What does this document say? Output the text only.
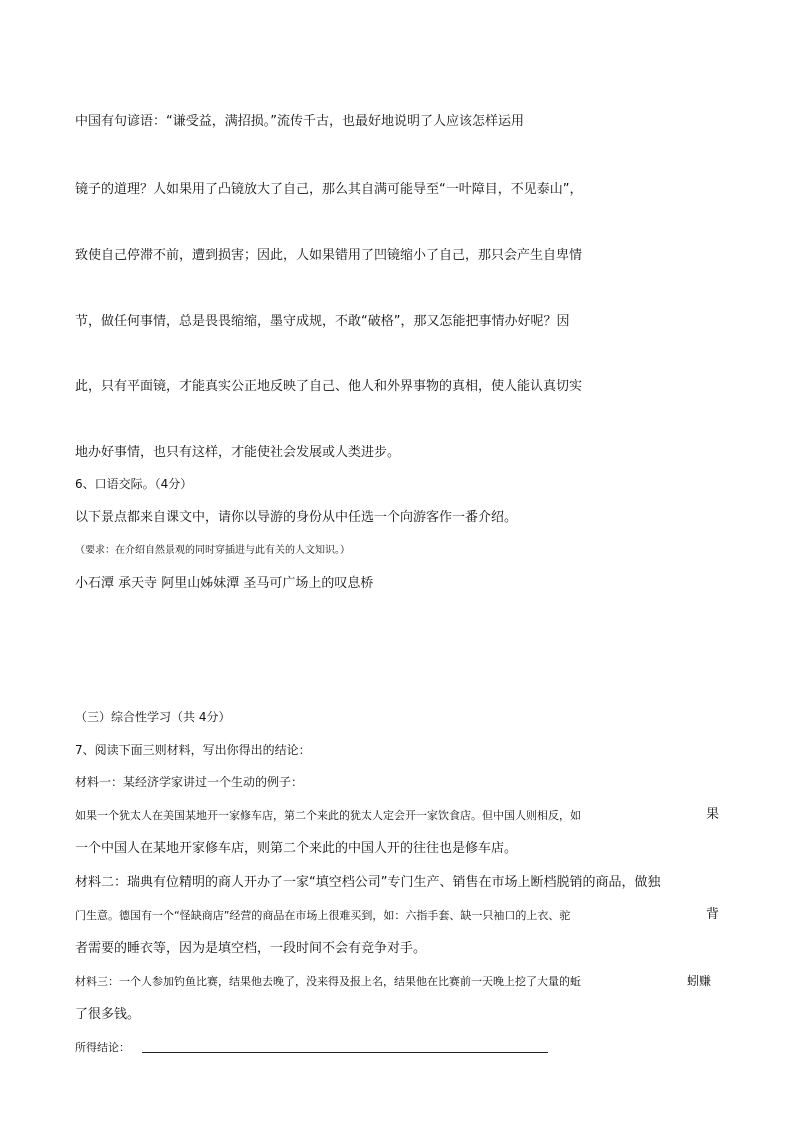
中国有句谚语：“谦受益，满招损。”流传千古，也最好地说明了人应该怎样运用
镜子的道理？人如果用了凸镜放大了自己，那么其自满可能导至“一叶障目，不见泰山”，
致使自己停滞不前，遭到损害；因此，人如果错用了凹镜缩小了自己，那只会产生自卑情
节，做任何事情，总是畏畏缩缩，墨守成规，不敢“破格”，那又怎能把事情办好呢？因
此，只有平面镜，才能真实公正地反映了自己、他人和外界事物的真相，使人能认真切实
地办好事情，也只有这样，才能使社会发展或人类进步。
6、口语交际。（4分）
以下景点都来自课文中，请你以导游的身份从中任选一个向游客作一番介绍。
（要求：在介绍自然景观的同时穿插进与此有关的人文知识。）
小石潭 承天寺 阿里山姊妹潭 圣马可广场上的叹息桥
（三）综合性学习（共 4分）
7、阅读下面三则材料，写出你得出的结论：
材料一：某经济学家讲过一个生动的例子：
如果一个犹太人在美国某地开一家修车店，第二个来此的犹太人定会开一家饮食店。但中国人则相反，如	果
一个中国人在某地开家修车店，则第二个来此的中国人开的往往也是修车店。
材料二：瑞典有位精明的商人开办了一家“填空档公司”专门生产、销售在市场上断档脱销的商品，做独
门生意。德国有一个“怪缺商店”经营的商品在市场上很难买到，如：六指手套、缺一只袖口的上衣、驼	背
者需要的睡衣等，因为是填空档，一段时间不会有竞争对手。
材料三：一个人参加钓鱼比赛，结果他去晚了，没来得及报上名，结果他在比赛前一天晚上挖了大量的蚯	蚓赚
了很多钱。
所得结论：
